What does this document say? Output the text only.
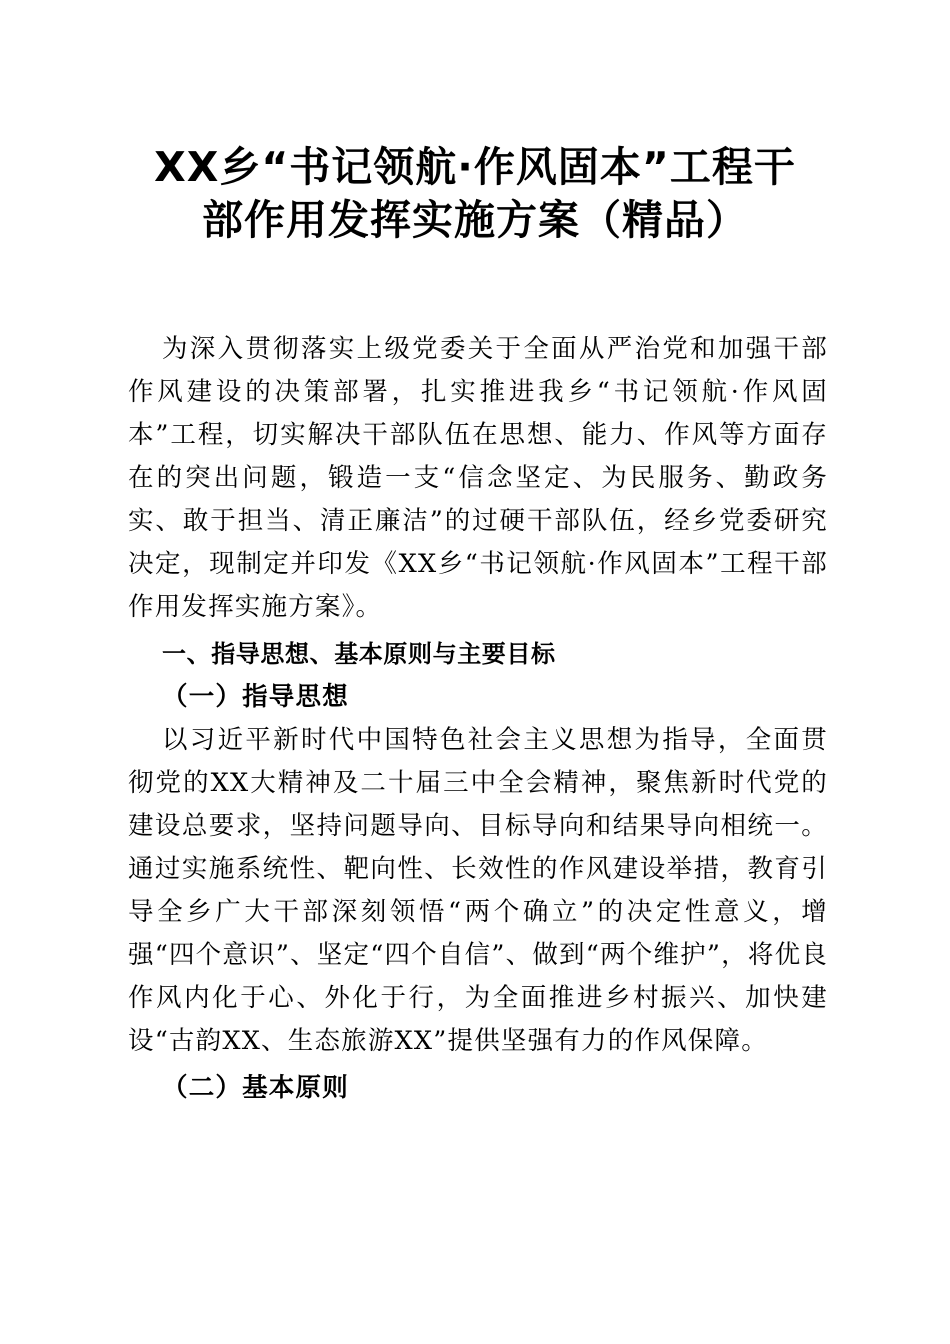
XX乡“书记领航·作风固本”工程干
部作用发挥实施方案（精品）

为深入贯彻落实上级党委关于全面从严治党和加强干部作风建设的决策部署，扎实推进我乡“书记领航·作风固本”工程，切实解决干部队伍在思想、能力、作风等方面存在的突出问题，锻造一支“信念坚定、为民服务、勤政务实、敢于担当、清正廉洁”的过硬干部队伍，经乡党委研究决定，现制定并印发《XX乡“书记领航·作风固本”工程干部作用发挥实施方案》。

一、指导思想、基本原则与主要目标
（一）指导思想

以习近平新时代中国特色社会主义思想为指导，全面贯彻党的XX大精神及二十届三中全会精神，聚焦新时代党的建设总要求，坚持问题导向、目标导向和结果导向相统一。通过实施系统性、靶向性、长效性的作风建设举措，教育引导全乡广大干部深刻领悟“两个确立”的决定性意义，增强“四个意识”、坚定“四个自信”、做到“两个维护”，将优良作风内化于心、外化于行，为全面推进乡村振兴、加快建设“古韵XX、生态旅游XX”提供坚强有力的作风保障。

（二）基本原则
